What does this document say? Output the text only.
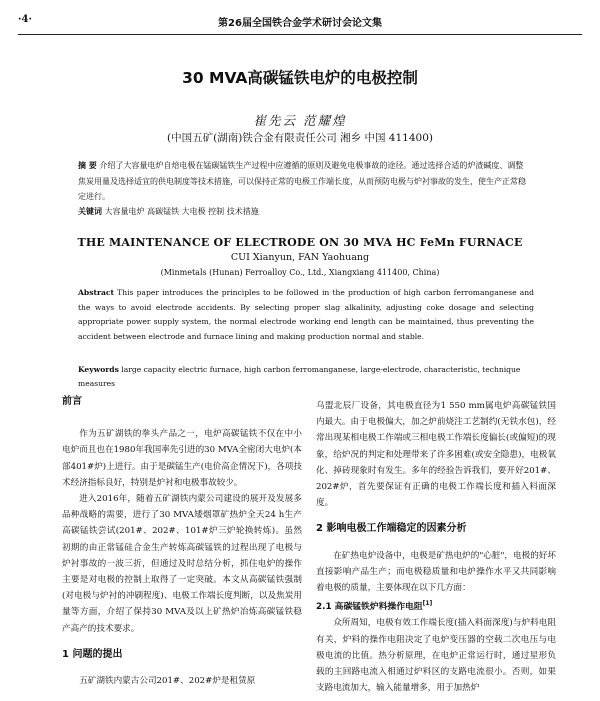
·4·	第26届全国铁合金学术研讨会论文集
30 MVA高碳锰铁电炉的电极控制
崔先云 范耀煌
(中国五矿(湖南)铁合金有限责任公司 湘乡 中国 411400)
摘 要 介绍了大容量电炉自焙电极在锰碳锰铁生产过程中应遵循的原则及避免电极事故的途径。通过选择合适的炉渣碱度、调整焦炭用量及选择适宜的供电制度等技术措施，可以保持正常的电极工作端长度，从而预防电极与炉衬事故的发生，使生产正常稳定进行。
关键词 大容量电炉 高碳锰铁 大电极 控制 技术措施
THE MAINTENANCE OF ELECTRODE ON 30 MVA HC FeMn FURNACE
CUI Xianyun, FAN Yaohuang
(Minmetals (Hunan) Ferroalloy Co., Ltd., Xiangxiang 411400, China)
Abstract This paper introduces the principles to be followed in the production of high carbon ferromanganese and the ways to avoid electrode accidents. By selecting proper slag alkalinity, adjusting coke dosage and selecting appropriate power supply system, the normal electrode working end length can be maintained, thus preventing the accident between electrode and furnace lining and making production normal and stable.
Keywords large capacity electric furnace, high carbon ferromanganese, large-electrode, characteristic, technique measures
前言

作为五矿湖铁的拳头产品之一，电炉高碳锰铁不仅在中小电炉而且也在1980年我国率先引进的30 MVA全密闭大电炉(本部401#炉)上进行。由于是碳锰生产(电价高企情况下)，各项技术经济指标良好，特别是炉衬和电极事故较少。

进入2016年，随着五矿湖铁内蒙公司建设的展开及发展多品种战略的需要，进行了30 MVA矮烟罩矿热炉全天24 h生产高碳锰铁尝试(201#、202#、101#炉三炉轮换转炼)。虽然初期的由正常锰硅合金生产转炼高碳锰铁的过程出现了电极与炉衬事故的一波三折，但通过及时总结分析，抓住电炉的操作主要是对电极的控制上取得了一定突破。本文从高碳锰铁强制(对电极与炉衬的冲刷程度)、电极工作端长度判断，以及焦炭用量等方面，介绍了保持30 MVA及以上矿热炉冶炼高碳锰铁稳产高产的技术要求。

1 问题的提出

五矿湖铁内蒙古公司201#、202#炉是租赁原

乌盟北辰厂设备，其电极直径为1 550 mm属电炉高碳锰铁国内最大。由于电极偏大，加之炉前烧注工艺制约(无铁水包)，经常出现某相电极工作端或三相电极工作端长度偏长(或偏短)的现象，给炉况的判定和处理带来了许多困难(或安全隐患)，电极氧化、掉砖现象时有发生。多年的经验告诉我们，要开好201#、202#炉，首先要保证有正确的电极工作端长度和插入料面深度。

2 影响电极工作端稳定的因素分析

在矿热电炉设备中，电极是矿热电炉的"心脏"，电极的好坏直接影响产品生产；而电极稳质量和电炉操作水平又共同影响着电极的质量，主要体现在以下几方面：

2.1 高碳锰铁炉料操作电阻[1]

众所周知，电极有效工作端长度(插入料面深度)与炉料电阻有关，炉料的操作电阻决定了电炉变压器的空载二次电压与电极电流的比值。热分析原理，在电炉正常运行时，通过星形负载的主回路电流入相通过炉料区的支路电流很小。否则，如果支路电流加大，输入能量增多，用于加热炉
